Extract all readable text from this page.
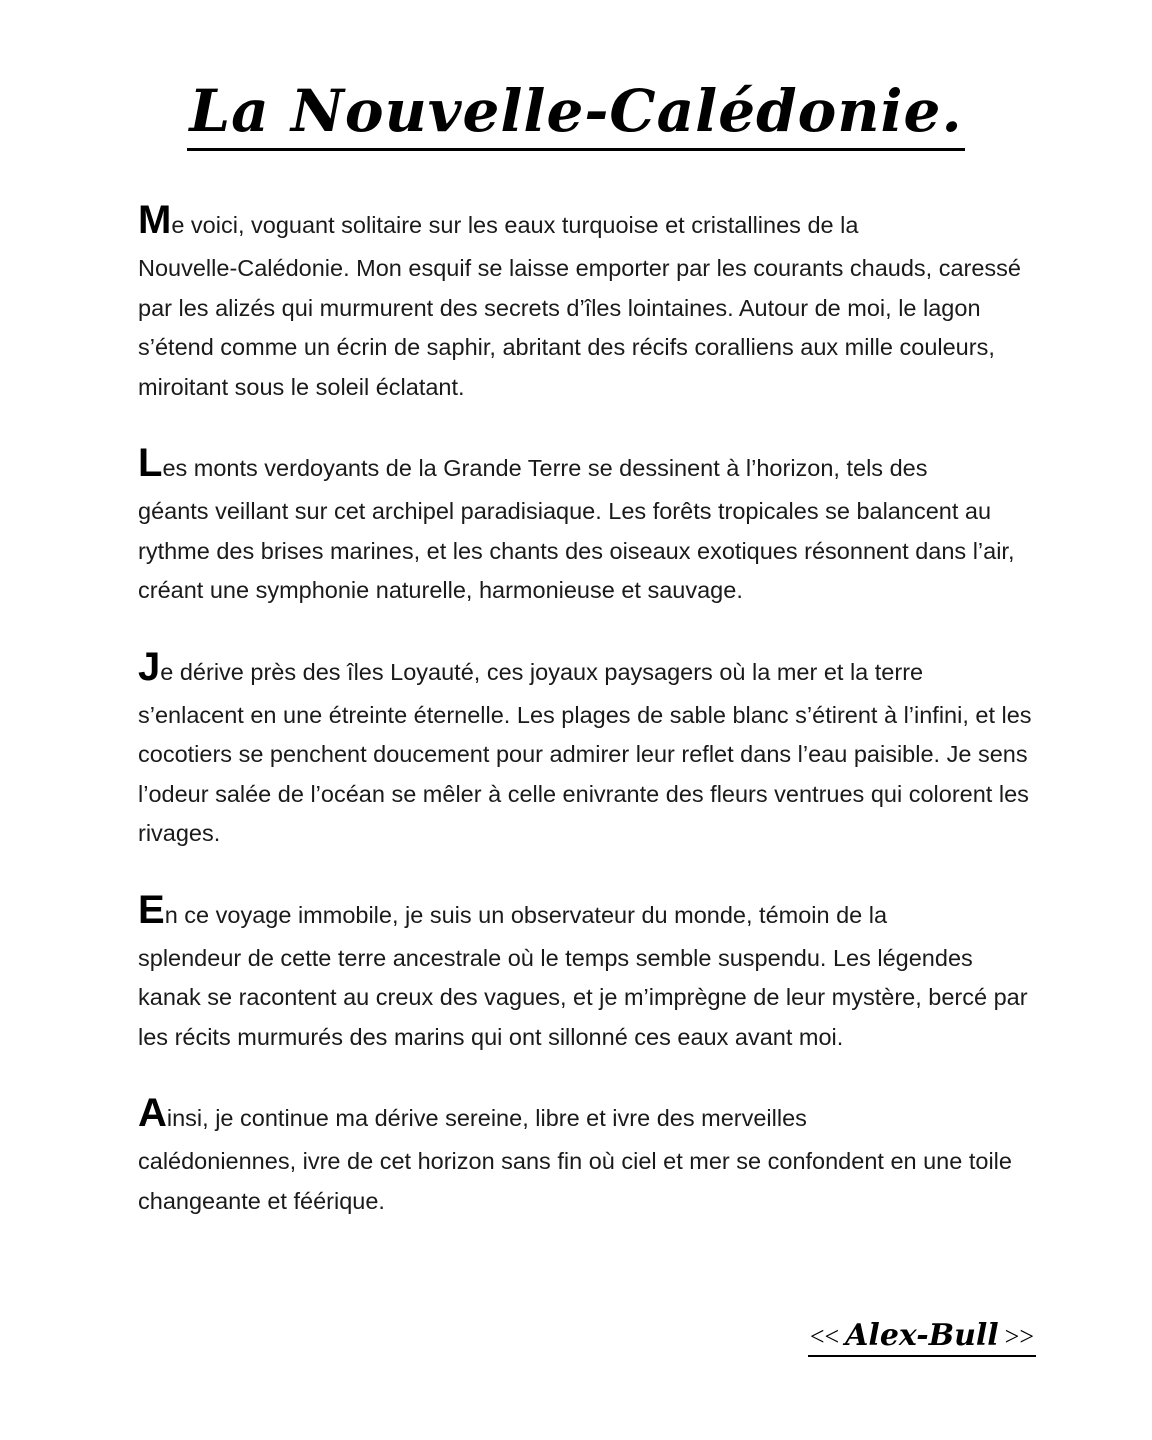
La Nouvelle-Calédonie.

Me voici, voguant solitaire sur les eaux turquoise et cristallines de la
Nouvelle-Calédonie. Mon esquif se laisse emporter par les courants chauds, caressé par les alizés qui murmurent des secrets d’îles lointaines. Autour de moi, le lagon s’étend comme un écrin de saphir, abritant des récifs coralliens aux mille couleurs, miroitant sous le soleil éclatant.

Les monts verdoyants de la Grande Terre se dessinent à l’horizon, tels des
géants veillant sur cet archipel paradisiaque. Les forêts tropicales se balancent au rythme des brises marines, et les chants des oiseaux exotiques résonnent dans l’air, créant une symphonie naturelle, harmonieuse et sauvage.

Je dérive près des îles Loyauté, ces joyaux paysagers où la mer et la terre
s’enlacent en une étreinte éternelle. Les plages de sable blanc s’étirent à l’infini, et les cocotiers se penchent doucement pour admirer leur reflet dans l’eau paisible. Je sens l’odeur salée de l’océan se mêler à celle enivrante des fleurs ventrues qui colorent les rivages.

En ce voyage immobile, je suis un observateur du monde, témoin de la
splendeur de cette terre ancestrale où le temps semble suspendu. Les légendes kanak se racontent au creux des vagues, et je m’imprègne de leur mystère, bercé par les récits murmurés des marins qui ont sillonné ces eaux avant moi.

Ainsi, je continue ma dérive sereine, libre et ivre des merveilles
calédoniennes, ivre de cet horizon sans fin où ciel et mer se confondent en une toile changeante et féérique.

<< Alex-Bull >>
